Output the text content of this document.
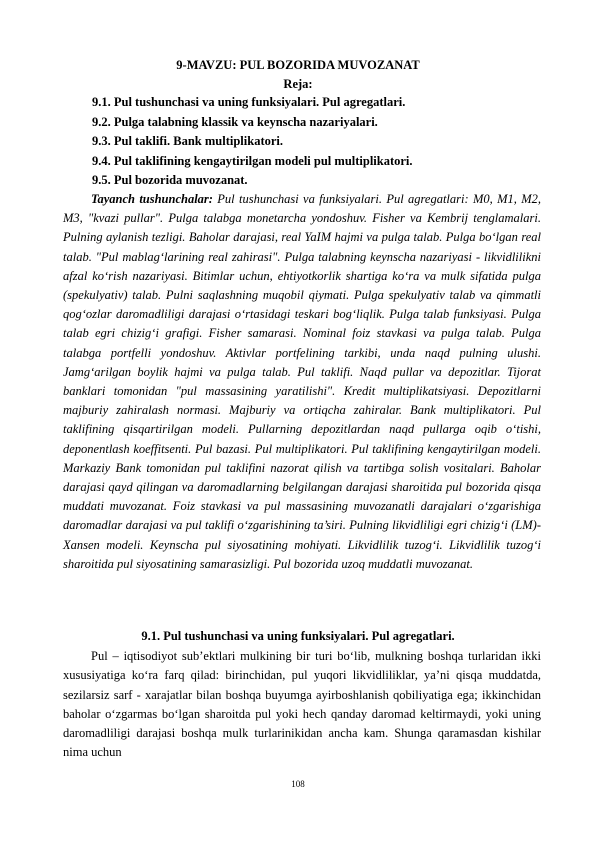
9-MAVZU: PUL BOZORIDA MUVOZANAT
Reja:
9.1. Pul tushunchasi va uning funksiyalari. Pul agregatlari.
9.2. Pulga talabning klassik va keynscha nazariyalari.
9.3. Pul taklifi. Bank multiplikatori.
9.4. Pul taklifining kengaytirilgan modeli pul multiplikatori.
9.5. Pul bozorida muvozanat.

Tayanch tushunchalar: Pul tushunchasi va funksiyalari. Pul agregatlari: M0, M1, M2, M3, "kvazi pullar". Pulga talabga monetarcha yondoshuv. Fisher va Kembrij tenglamalari. Pulning aylanish tezligi. Baholar darajasi, real YaIM hajmi va pulga talab. Pulga bo‘lgan real talab. "Pul mablag‘larining real zahirasi". Pulga talabning keynscha nazariyasi - likvidlilikni afzal ko‘rish nazariyasi. Bitimlar uchun, ehtiyotkorlik shartiga ko‘ra va mulk sifatida pulga (spekulyativ) talab. Pulni saqlashning muqobil qiymati. Pulga spekulyativ talab va qimmatli qog‘ozlar daromadliligi darajasi o‘rtasidagi teskari bog‘liqlik. Pulga talab funksiyasi. Pulga talab egri chizig‘i grafigi. Fisher samarasi. Nominal foiz stavkasi va pulga talab. Pulga talabga portfelli yondoshuv. Aktivlar portfelining tarkibi, unda naqd pulning ulushi. Jamg‘arilgan boylik hajmi va pulga talab. Pul taklifi. Naqd pullar va depozitlar. Tijorat banklari tomonidan "pul massasining yaratilishi". Kredit multiplikatsiyasi. Depozitlarni majburiy zahiralash normasi. Majburiy va ortiqcha zahiralar. Bank multiplikatori. Pul taklifining qisqartirilgan modeli. Pullarning depozitlardan naqd pullarga oqib o‘tishi, deponentlash koeffitsenti. Pul bazasi. Pul multiplikatori. Pul taklifining kengaytirilgan modeli. Markaziy Bank tomonidan pul taklifini nazorat qilish va tartibga solish vositalari. Baholar darajasi qayd qilingan va daromadlarning belgilangan darajasi sharoitida pul bozorida qisqa muddati muvozanat. Foiz stavkasi va pul massasining muvozanatli darajalari o‘zgarishiga daromadlar darajasi va pul taklifi o‘zgarishining ta’siri. Pulning likvidliligi egri chizig‘i (LM)- Xansen modeli. Keynscha pul siyosatining mohiyati. Likvidlilik tuzog‘i. Likvidlilik tuzog‘i sharoitida pul siyosatining samarasizligi. Pul bozorida uzoq muddatli muvozanat.

9.1. Pul tushunchasi va uning funksiyalari. Pul agregatlari.

Pul – iqtisodiyot sub’ektlari mulkining bir turi bo‘lib, mulkning boshqa turlaridan ikki xususiyatiga ko‘ra farq qilad: birinchidan, pul yuqori likvidliliklar, ya’ni qisqa muddatda, sezilarsiz sarf - xarajatlar bilan boshqa buyumga ayirboshlanish qobiliyatiga ega; ikkinchidan baholar o‘zgarmas bo‘lgan sharoitda pul yoki hech qanday daromad keltirmaydi, yoki uning daromadliligi darajasi boshqa mulk turlarinikidan ancha kam. Shunga qaramasdan kishilar nima uchun

108
